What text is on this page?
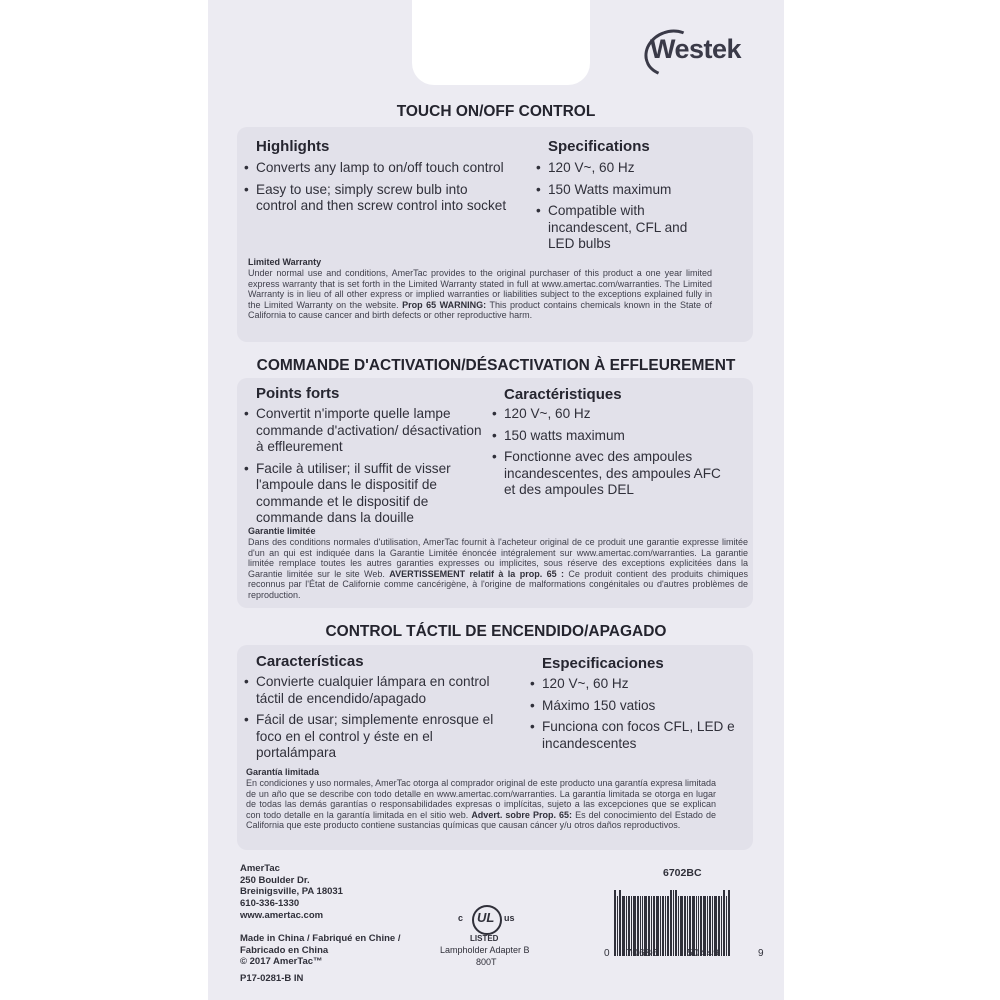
Westek
TOUCH ON/OFF CONTROL
Highlights
• Converts any lamp to on/off touch control
• Easy to use; simply screw bulb into control and then screw control into socket
Specifications
• 120 V~, 60 Hz
• 150 Watts maximum
• Compatible with incandescent, CFL and LED bulbs
Limited Warranty
Under normal use and conditions, AmerTac provides to the original purchaser of this product a one year limited express warranty that is set forth in the Limited Warranty stated in full at www.amertac.com/warranties. The Limited Warranty is in lieu of all other express or implied warranties or liabilities subject to the exceptions explained fully in the Limited Warranty on the website. Prop 65 WARNING: This product contains chemicals known in the State of California to cause cancer and birth defects or other reproductive harm.
COMMANDE D'ACTIVATION/DÉSACTIVATION À EFFLEUREMENT
Points forts
• Convertit n'importe quelle lampe commande d'activation/ désactivation à effleurement
• Facile à utiliser; il suffit de visser l'ampoule dans le dispositif de commande et le dispositif de commande dans la douille
Caractéristiques
• 120 V~, 60 Hz
• 150 watts maximum
• Fonctionne avec des ampoules incandescentes, des ampoules AFC et des ampoules DEL
Garantie limitée
Dans des conditions normales d'utilisation, AmerTac fournit à l'acheteur original de ce produit une garantie expresse limitée d'un an qui est indiquée dans la Garantie Limitée énoncée intégralement sur www.amertac.com/warranties. La garantie limitée remplace toutes les autres garanties expresses ou implicites, sous réserve des exceptions explicitées dans la Garantie limitée sur le site Web. AVERTISSEMENT relatif à la prop. 65 : Ce produit contient des produits chimiques reconnus par l'État de Californie comme cancérigène, à l'origine de malformations congénitales ou d'autres problèmes de reproduction.
CONTROL TÁCTIL DE ENCENDIDO/APAGADO
Características
• Convierte cualquier lámpara en control táctil de encendido/apagado
• Fácil de usar; simplemente enrosque el foco en el control y éste en el portalámpara
Especificaciones
• 120 V~, 60 Hz
• Máximo 150 vatios
• Funciona con focos CFL, LED e incandescentes
Garantía limitada
En condiciones y uso normales, AmerTac otorga al comprador original de este producto una garantía expresa limitada de un año que se describe con todo detalle en www.amertac.com/warranties. La garantía limitada se otorga en lugar de todas las demás garantías o responsabilidades expresas o implícitas, sujeto a las excepciones que se explican con todo detalle en la garantía limitada en el sitio web. Advert. sobre Prop. 65: Es del conocimiento del Estado de California que este producto contiene sustancias químicas que causan cáncer y/u otros daños reproductivos.
AmerTac
250 Boulder Dr.
Breinigsville, PA 18031
610-336-1330
www.amertac.com
Made in China / Fabriqué en Chine /
Fabricado en China
© 2017 AmerTac™
P17-0281-B IN
6702BC
c UL us
LISTED
Lampholder Adapter B
800T
0 70686	50449	9
